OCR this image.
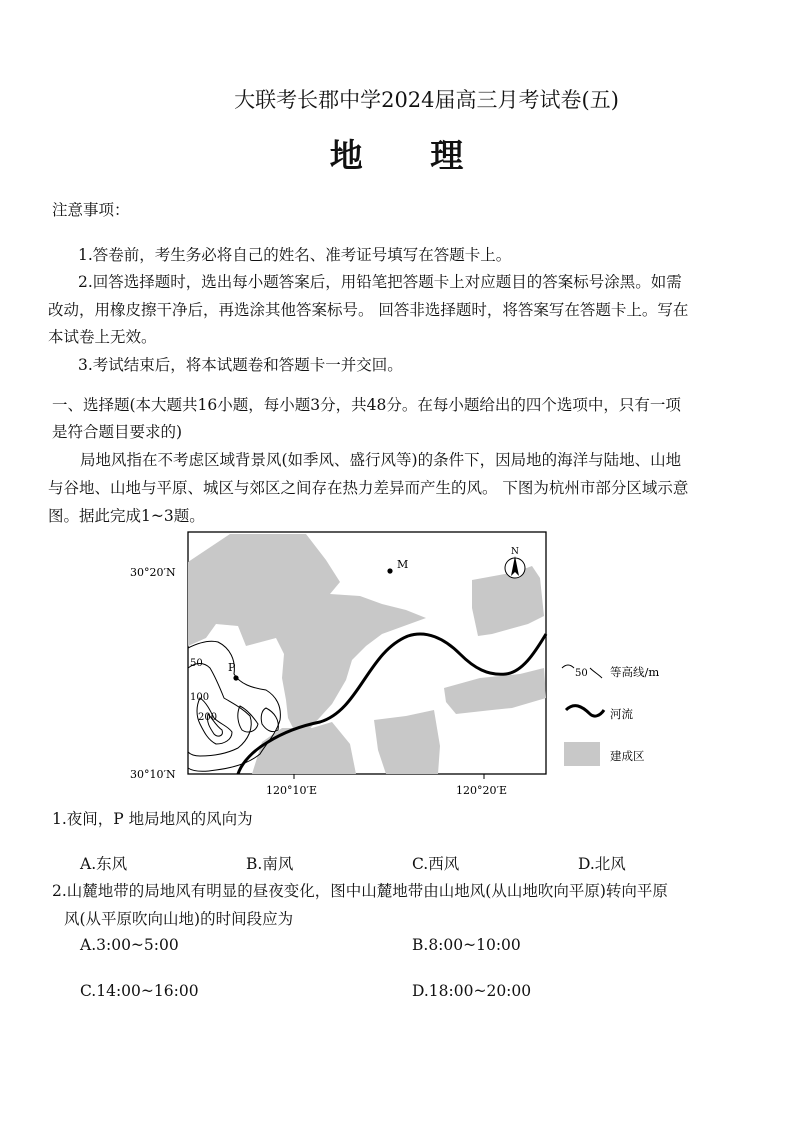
大联考长郡中学2024届高三月考试卷(五)
地 理
注意事项：
1.答卷前，考生务必将自己的姓名、准考证号填写在答题卡上。
2.回答选择题时，选出每小题答案后，用铅笔把答题卡上对应题目的答案标号涂黑。如需
改动，用橡皮擦干净后，再选涂其他答案标号。 回答非选择题时，将答案写在答题卡上。写在
本试卷上无效。
3.考试结束后，将本试题卷和答题卡一并交回。
一、选择题(本大题共16小题，每小题3分，共48分。在每小题给出的四个选项中，只有一项
是符合题目要求的)
局地风指在不考虑区域背景风(如季风、盛行风等)的条件下，因局地的海洋与陆地、山地
与谷地、山地与平原、城区与郊区之间存在热力差异而产生的风。 下图为杭州市部分区域示意
图。据此完成1~3题。
M
P
50
100
200
N
30°20′N
30°10′N
120°10′E	120°20′E
50 等高线/m
河流
建成区
1.夜间，P 地局地风的风向为
A.东风	B.南风	C.西风	D.北风
2.山麓地带的局地风有明显的昼夜变化，图中山麓地带由山地风(从山地吹向平原)转向平原
风(从平原吹向山地)的时间段应为
A.3:00~5:00	B.8:00~10:00
C.14:00~16:00	D.18:00~20:00
